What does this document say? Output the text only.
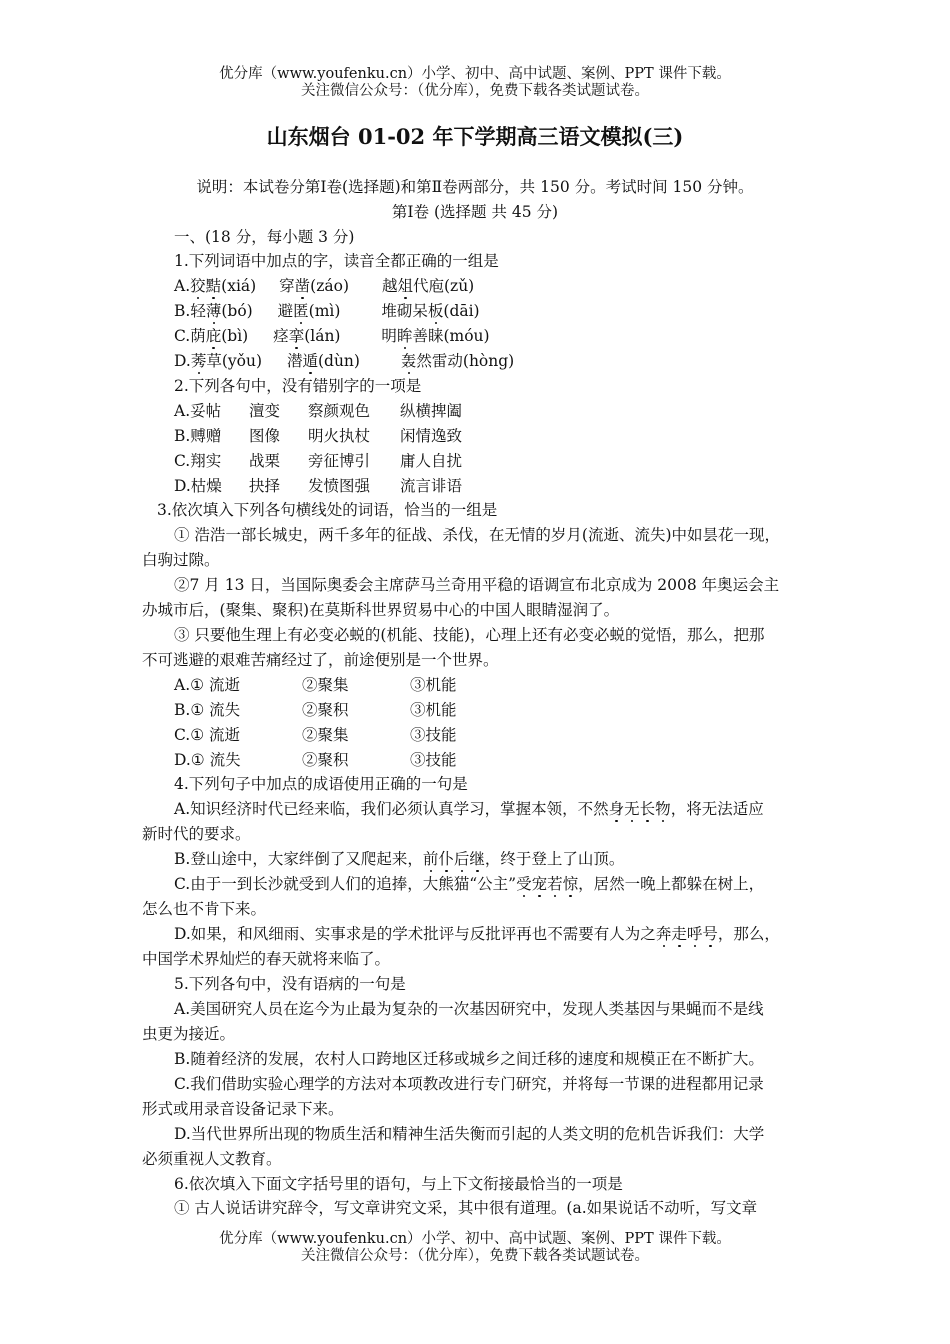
优分库（www.youfenku.cn）小学、初中、高中试题、案例、PPT 课件下载。
关注微信公众号：（优分库），免费下载各类试题试卷。
山东烟台 01-02 年下学期高三语文模拟(三)
说明：本试卷分第Ⅰ卷(选择题)和第Ⅱ卷两部分，共 150 分。考试时间 150 分钟。
第Ⅰ卷 (选择题 共 45 分)
一、(18 分，每小题 3 分)
1.下列词语中加点的字，读音全都正确的一组是
A.狡黠(xiá) 穿凿(záo) 越俎代庖(zǔ)
B.轻薄(bó) 避匿(mì)	堆砌呆板(dāi)
C.荫庇(bì) 痉挛(lán)	明眸善睐(móu)
D.莠草(yǒu) 潜遁(dùn)	轰然雷动(hòng)
2.下列各句中，没有错别字的一项是
A.妥帖 澶变 察颜观色 纵横捭阖
B.赙赠 图像 明火执杖 闲情逸致
C.翔实 战栗 旁征博引 庸人自扰
D.枯燥 抉择 发愤图强 流言诽语
3.依次填入下列各句横线处的词语，恰当的一组是
① 浩浩一部长城史，两千多年的征战、杀伐，在无情的岁月(流逝、流失)中如昙花一现，
白驹过隙。
②7 月 13 日，当国际奥委会主席萨马兰奇用平稳的语调宣布北京成为 2008 年奥运会主
办城市后，(聚集、聚积)在莫斯科世界贸易中心的中国人眼睛湿润了。
③ 只要他生理上有必变必蜕的(机能、技能)，心理上还有必变必蜕的觉悟，那么，把那
不可逃避的艰难苦痛经过了，前途便别是一个世界。
A.① 流逝	②聚集	③机能
B.① 流失	②聚积	③机能
C.① 流逝	②聚集	③技能
D.① 流失	②聚积	③技能
4.下列句子中加点的成语使用正确的一句是
A.知识经济时代已经来临，我们必须认真学习，掌握本领，不然身无长物，将无法适应
新时代的要求。
B.登山途中，大家绊倒了又爬起来，前仆后继，终于登上了山顶。
C.由于一到长沙就受到人们的追捧，大熊猫“公主”受宠若惊，居然一晚上都躲在树上，
怎么也不肯下来。
D.如果，和风细雨、实事求是的学术批评与反批评再也不需要有人为之奔走呼号，那么，
中国学术界灿烂的春天就将来临了。
5.下列各句中，没有语病的一句是
A.美国研究人员在迄今为止最为复杂的一次基因研究中，发现人类基因与果蝇而不是线
虫更为接近。
B.随着经济的发展，农村人口跨地区迁移或城乡之间迁移的速度和规模正在不断扩大。
C.我们借助实验心理学的方法对本项教改进行专门研究，并将每一节课的进程都用记录
形式或用录音设备记录下来。
D.当代世界所出现的物质生活和精神生活失衡而引起的人类文明的危机告诉我们：大学
必须重视人文教育。
6.依次填入下面文字括号里的语句，与上下文衔接最恰当的一项是
① 古人说话讲究辞令，写文章讲究文采，其中很有道理。(a.如果说话不动听，写文章
优分库（www.youfenku.cn）小学、初中、高中试题、案例、PPT 课件下载。
关注微信公众号：（优分库），免费下载各类试题试卷。
